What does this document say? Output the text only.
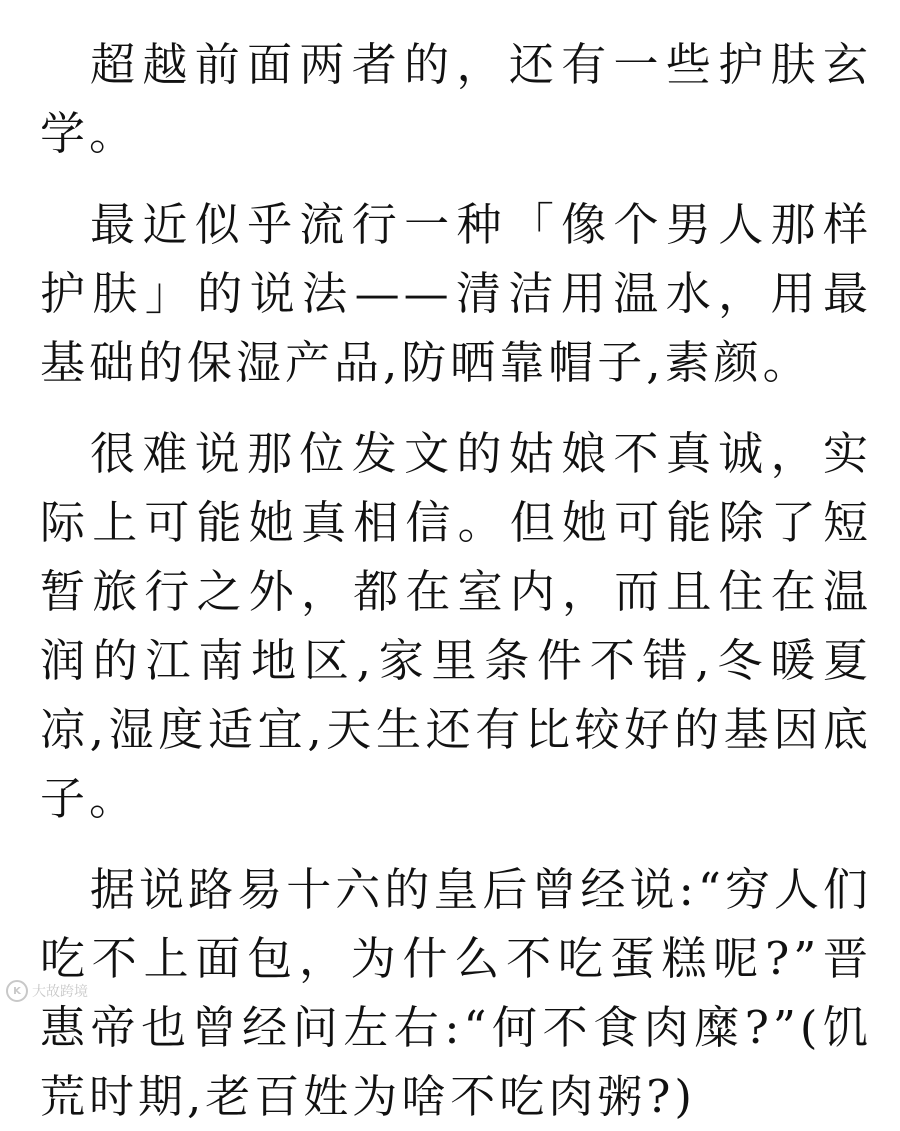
超越前面两者的，还有一些护肤玄学。

最近似乎流行一种「像个男人那样护肤」的说法——清洁用温水，用最基础的保湿产品,防晒靠帽子,素颜。

很难说那位发文的姑娘不真诚，实际上可能她真相信。但她可能除了短暂旅行之外，都在室内，而且住在温润的江南地区,家里条件不错,冬暖夏凉,湿度适宜,天生还有比较好的基因底子。

据说路易十六的皇后曾经说:“穷人们吃不上面包，为什么不吃蛋糕呢?”晋惠帝也曾经问左右:“何不食肉糜?”(饥荒时期,老百姓为啥不吃肉粥?)

K 大故跨境
